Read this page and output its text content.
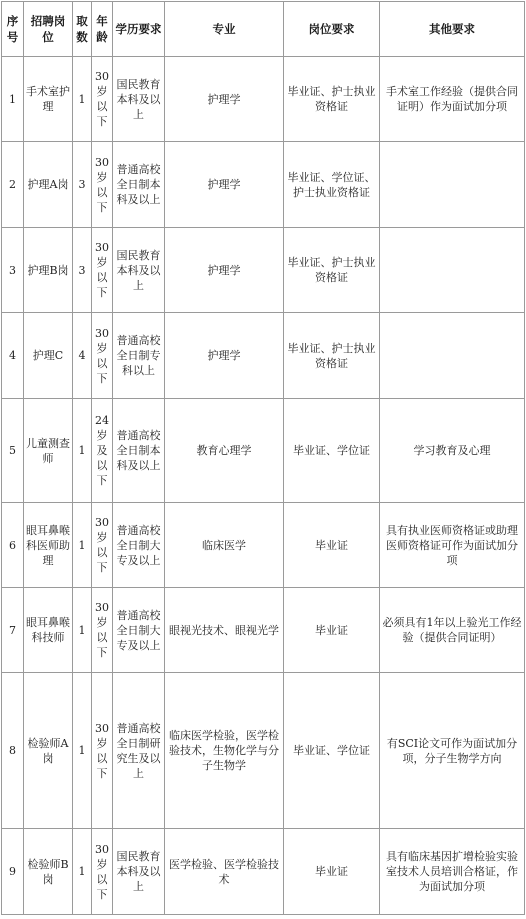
序号	招聘岗位	取数	年龄	学历要求	专业	岗位要求	其他要求
1	手术室护理	1	30岁以下	国民教育本科及以上	护理学	毕业证、护士执业资格证	手术室工作经验（提供合同证明）作为面试加分项
2	护理A岗	3	30岁以下	普通高校全日制本科及以上	护理学	毕业证、学位证、护士执业资格证	
3	护理B岗	3	30岁以下	国民教育本科及以上	护理学	毕业证、护士执业资格证	
4	护理C	4	30岁以下	普通高校全日制专科以上	护理学	毕业证、护士执业资格证	
5	儿童测查师	1	24岁及以下	普通高校全日制本科及以上	教育心理学	毕业证、学位证	学习教育及心理
6	眼耳鼻喉科医师助理	1	30岁以下	普通高校全日制大专及以上	临床医学	毕业证	具有执业医师资格证或助理医师资格证可作为面试加分项
7	眼耳鼻喉科技师	1	30岁以下	普通高校全日制大专及以上	眼视光技术、眼视光学	毕业证	必须具有1年以上验光工作经验（提供合同证明）
8	检验师A岗	1	30岁以下	普通高校全日制研究生及以上	临床医学检验，医学检验技术，生物化学与分子生物学	毕业证、学位证	有SCI论文可作为面试加分项，分子生物学方向
9	检验师B岗	1	30岁以下	国民教育本科及以上	医学检验、医学检验技术	毕业证	具有临床基因扩增检验实验室技术人员培训合格证，作为面试加分项
